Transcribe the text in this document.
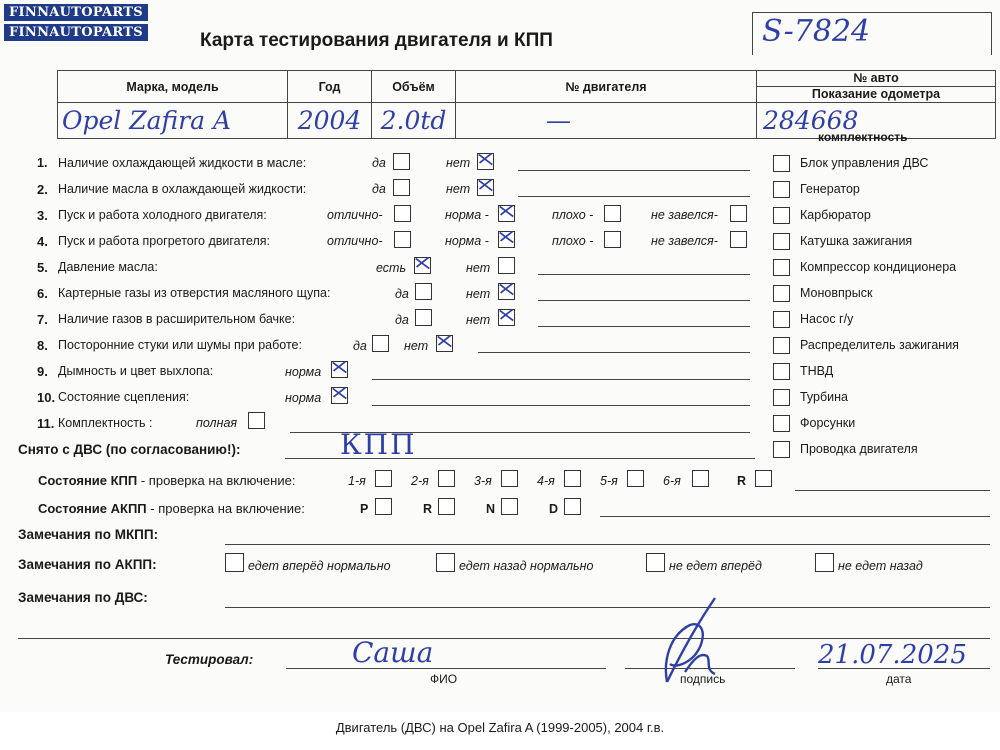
FINNAUTOPARTS
FINNAUTOPARTS	Карта тестирования двигателя и КПП	S-7824
Марка, модель	Год	Объём	№ двигателя	№ авто
Показание одометра

Opel Zafira A	2004	2.0td	—	284668
комплектность
Блок управления ДВС
Генератор
Карбюратор
Катушка зажигания
Компрессор кондиционера
Моновпрыск
Насос г/у
Распределитель зажигания
ТНВД
Турбина
Форсунки
Проводка двигателя
1. Наличие охлаждающей жидкости в масле:	да	нет
2. Наличие масла в охлаждающей жидкости:	да	нет
3. Пуск и работа холодного двигателя:	отлично-	норма -	плохо -	не завелся-
4. Пуск и работа прогретого двигателя:	отлично-	норма -	плохо -	не завелся-
5. Давление масла:	есть	нет
6. Картерные газы из отверстия масляного щупа:	да	нет
7. Наличие газов в расширительном бачке:	да	нет
8. Посторонние стуки или шумы при работе:	да	нет
9. Дымность и цвет выхлопа:	норма
10. Состояние сцепления:	норма
11. Комплектность :	полная
Снято с ДВС (по согласованию!):	КПП
Состояние КПП - проверка на включение:	1-я	2-я	3-я	4-я	5-я	6-я	R
Состояние АКПП - проверка на включение:	P	R	N	D
Замечания по МКПП:
Замечания по АКПП:	едет вперёд нормально	едет назад нормально	не едет вперёд	не едет назад
Замечания по ДВС:
Тестировал:	Саша
ФИО	подпись
21.07.2025
дата
Двигатель (ДВС) на Opel Zafira A (1999-2005), 2004 г.в.
